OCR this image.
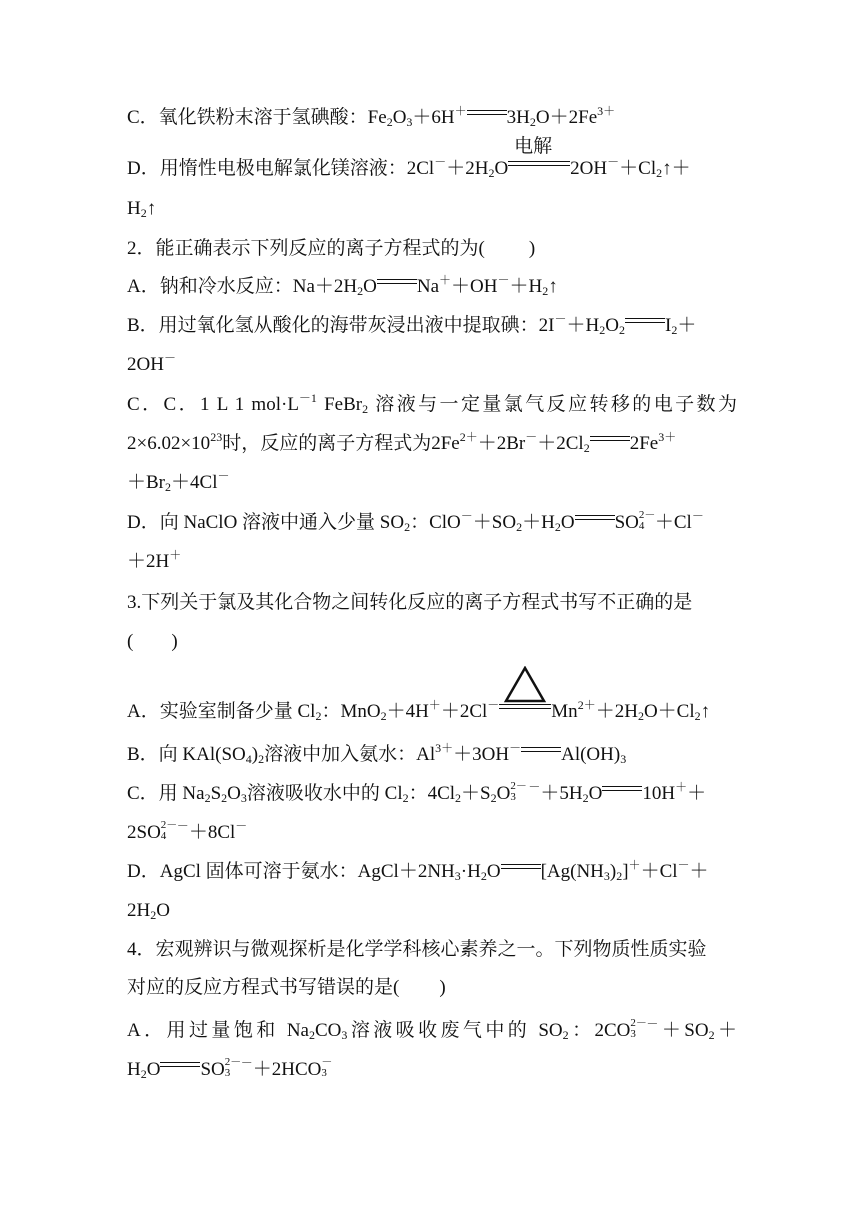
C．氧化铁粉末溶于氢碘酸：$Fe_2O_3+6H^+$ $3H_2O+2Fe^{3+}$
D．用惰性电极电解氯化镁溶液：$2Cl^-+2H_2O$
电解
$2OH^-+Cl_2↑+$
$H_2↑$
2．能正确表示下列反应的离子方程式的为( )
A．钠和冷水反应：$Na+2H_2O$ $Na^++OH^-+H_2↑$
B．用过氧化氢从酸化的海带灰浸出液中提取碘：$2I^-+H_2O_2$ $I_2+$
2OH－
C．C．1 L 1 $mol\cdot L^{-1}$ FeBr$_2$ 溶液与一定量氯气反应转移的电子数为
$2\times 6.02\times 10^{23}$时，反应的离子方程式为$2Fe^{2+}+2Br^-+2Cl_2$ $2Fe^{3+}$
$+Br_2+4Cl^-$
D．向 NaClO 溶液中通入少量 $SO_2$：$ClO^-+SO_2+H_2O$ SO 2－
4 ＋Cl－
＋2H＋
3.下列关于氯及其化合物之间转化反应的离子方程式书写不正确的是
( )
A．实验室制备少量 $Cl_2$：MnO$_2$＋4H＋＋2Cl－	$Mn^{2+}+2H_2O+Cl_2↑$
B．向 $KAl(SO_4)_2$溶液中加入氨水：$Al^{3+}+3OH^-$ $Al(OH)_3$
C．用 $Na_2S_2O_3$溶液吸收水中的 $Cl_2$：$4Cl_2+S_2O$ 2－
3
$^-+5H_2O$ 10H＋＋
2SO 2－
4
－＋8Cl－
D．AgCl 固体可溶于氨水：$AgCl+2NH_3\cdot H_2O$ $[Ag(NH_3)_2]^++Cl^-+$
$2H_2O$
4．宏观辨识与微观探析是化学学科核心素养之一。下列物质性质实验
对应的反应方程式书写错误的是( )
A．用过量饱和 $Na_2CO_3$溶液吸收废气中的 $SO_2$：2CO 2－
3
$^-+SO_2+$
$H_2O$ SO 2－
3
－＋2HCO －
3
